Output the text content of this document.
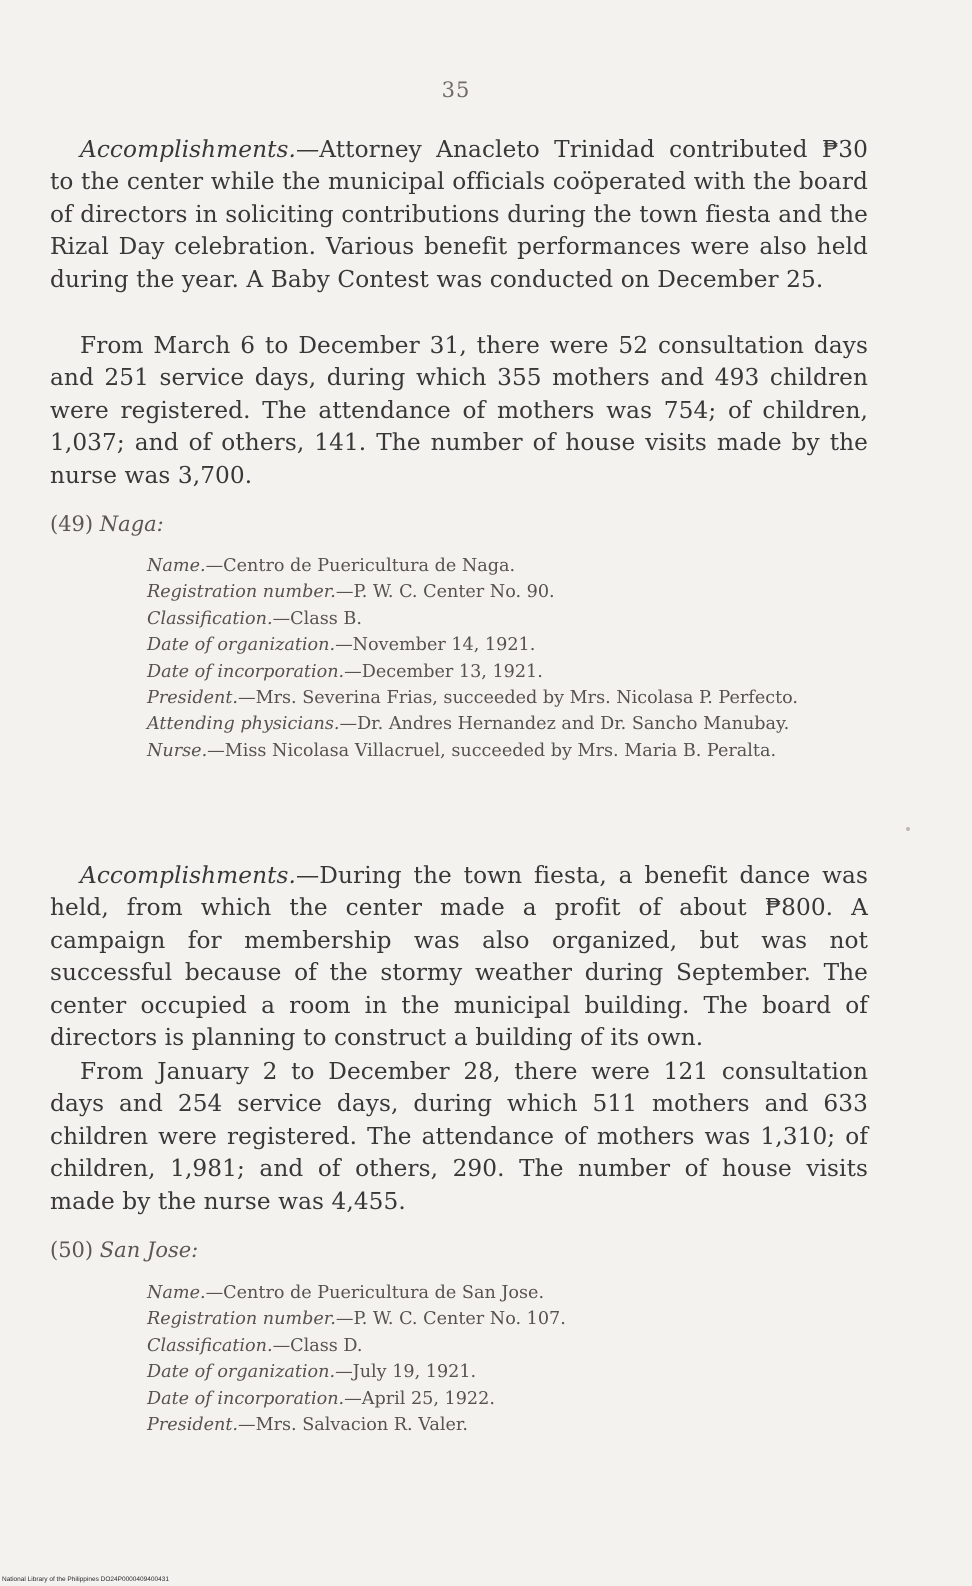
35

Accomplishments.—Attorney Anacleto Trinidad contributed ₱30 to the center while the municipal officials coöperated with the board of directors in soliciting contributions during the town fiesta and the Rizal Day celebration. Various benefit performances were also held during the year. A Baby Contest was conducted on December 25.

From March 6 to December 31, there were 52 consultation days and 251 service days, during which 355 mothers and 493 children were registered. The attendance of mothers was 754; of children, 1,037; and of others, 141. The number of house visits made by the nurse was 3,700.

(49) Naga:
Name.—Centro de Puericultura de Naga.
Registration number.—P. W. C. Center No. 90.
Classification.—Class B.
Date of organization.—November 14, 1921.
Date of incorporation.—December 13, 1921.
President.—Mrs. Severina Frias, succeeded by Mrs. Nicolasa P. Perfecto.
Attending physicians.—Dr. Andres Hernandez and Dr. Sancho Manubay.
Nurse.—Miss Nicolasa Villacruel, succeeded by Mrs. Maria B. Peralta.

Accomplishments.—During the town fiesta, a benefit dance was held, from which the center made a profit of about ₱800. A campaign for membership was also organized, but was not successful because of the stormy weather during September. The center occupied a room in the municipal building. The board of directors is planning to construct a building of its own.

From January 2 to December 28, there were 121 consultation days and 254 service days, during which 511 mothers and 633 children were registered. The attendance of mothers was 1,310; of children, 1,981; and of others, 290. The number of house visits made by the nurse was 4,455.

(50) San Jose:
Name.—Centro de Puericultura de San Jose.
Registration number.—P. W. C. Center No. 107.
Classification.—Class D.
Date of organization.—July 19, 1921.
Date of incorporation.—April 25, 1922.
President.—Mrs. Salvacion R. Valer.
National Library of the Philippines DO24P0000409400431
